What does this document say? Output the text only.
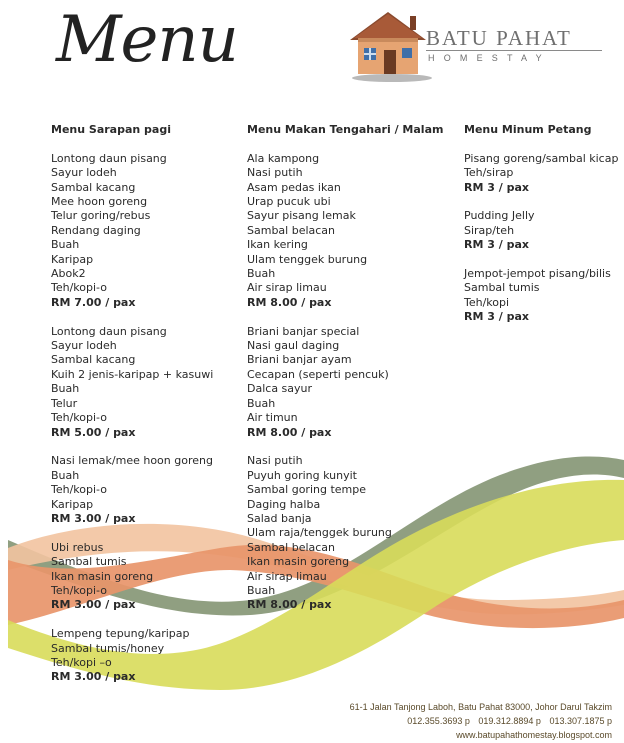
Menu	BATU PAHAT
HOMESTAY
Menu Sarapan pagi
Lontong daun pisang
Sayur lodeh
Sambal kacang
Mee hoon goreng
Telur goring/rebus
Rendang daging
Buah
Karipap
Abok2
Teh/kopi-o
RM 7.00 / pax
Lontong daun pisang
Sayur lodeh
Sambal kacang
Kuih 2 jenis-karipap + kasuwi
Buah
Telur
Teh/kopi-o
RM 5.00 / pax
Nasi lemak/mee hoon goreng
Buah
Teh/kopi-o
Karipap
RM 3.00 / pax
Ubi rebus
Sambal tumis
Ikan masin goreng
Teh/kopi-o
RM 3.00 / pax
Lempeng tepung/karipap
Sambal tumis/honey
Teh/kopi –o
RM 3.00 / pax
Menu Makan Tengahari / Malam
Ala kampong
Nasi putih
Asam pedas ikan
Urap pucuk ubi
Sayur pisang lemak
Sambal belacan
Ikan kering
Ulam tenggek burung
Buah
Air sirap limau
RM 8.00 / pax
Briani banjar special
Nasi gaul daging
Briani banjar ayam
Cecapan (seperti pencuk)
Dalca sayur
Buah
Air timun
RM 8.00 / pax
Nasi putih
Puyuh goring kunyit
Sambal goring tempe
Daging halba
Salad banja
Ulam raja/tenggek burung
Sambal belacan
Ikan masin goreng
Air sirap limau
Buah
RM 8.00 / pax
Menu Minum Petang
Pisang goreng/sambal kicap
Teh/sirap
RM 3 / pax
Pudding Jelly
Sirap/teh
RM 3 / pax
Jempot-jempot pisang/bilis
Sambal tumis
Teh/kopi
RM 3 / pax
61-1 Jalan Tanjong Laboh, Batu Pahat 83000, Johor Darul Takzim
012.355.3693 p 019.312.8894 p 013.307.1875 p
www.batupahathomestay.blogspot.com
